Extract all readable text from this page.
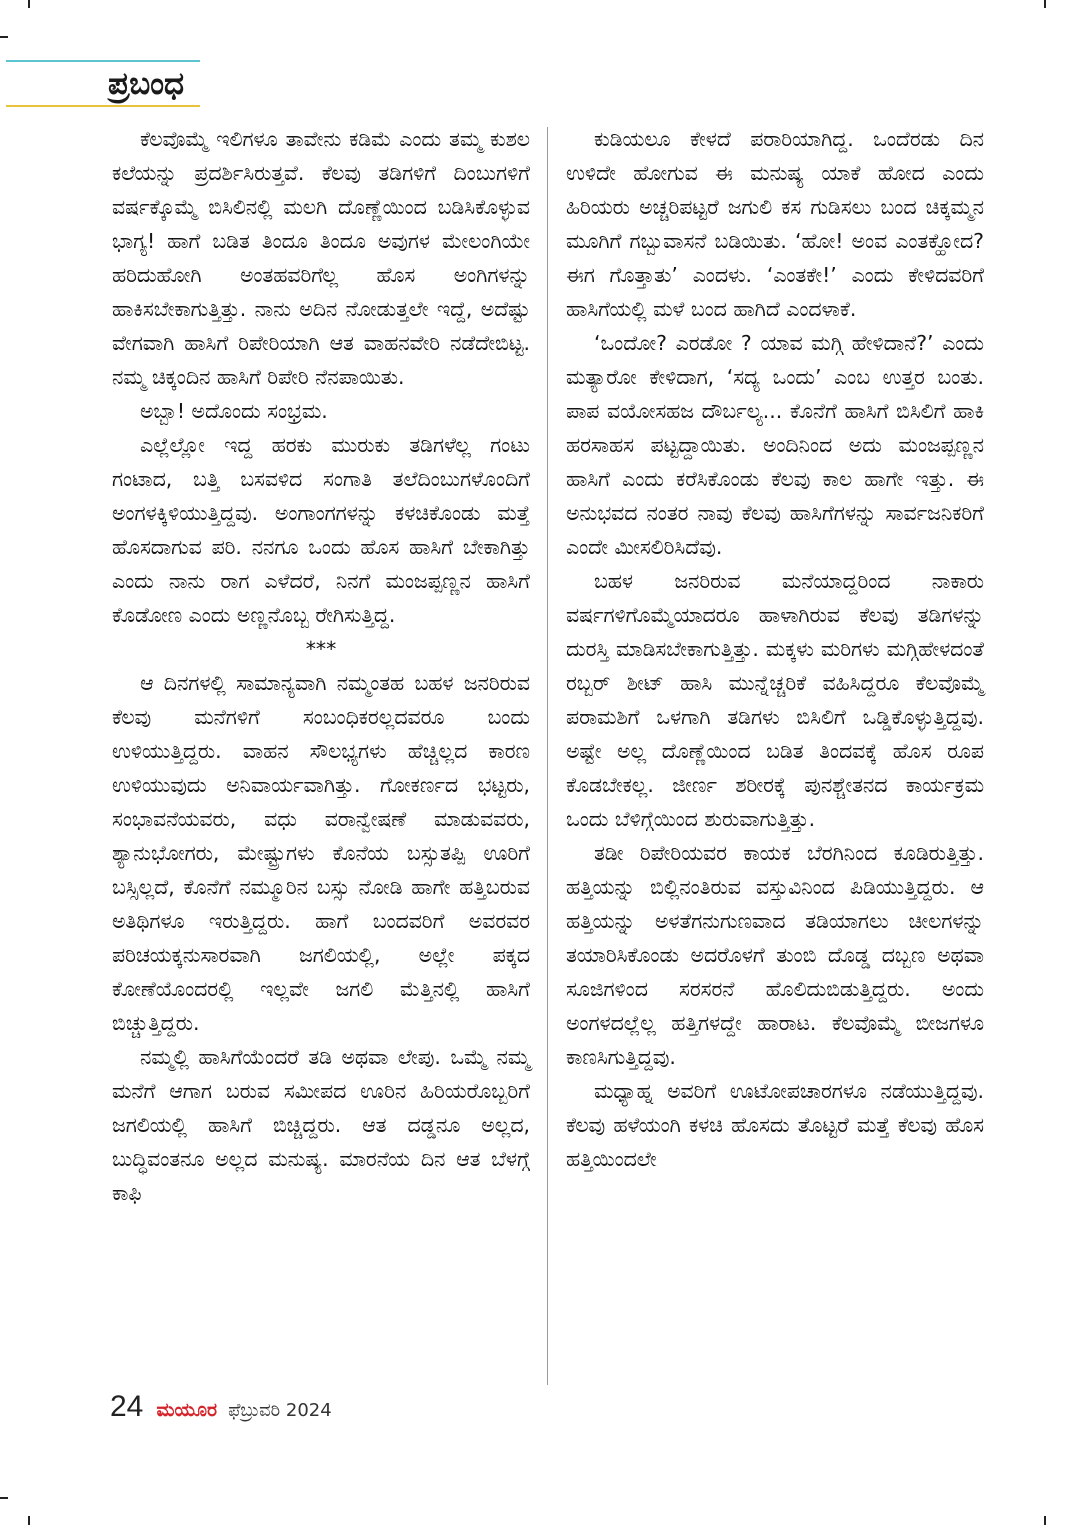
ಪ್ರಬಂಧ

ಕೆಲವೊಮ್ಮೆ ಇಲಿಗಳೂ ತಾವೇನು ಕಡಿಮೆ ಎಂದು ತಮ್ಮ ಕುಶಲ ಕಲೆಯನ್ನು ಪ್ರದರ್ಶಿಸಿರುತ್ತವೆ. ಕೆಲವು ತಡಿಗಳಿಗೆ ದಿಂಬುಗಳಿಗೆ ವರ್ಷಕ್ಕೊಮ್ಮೆ ಬಿಸಿಲಿನಲ್ಲಿ ಮಲಗಿ ದೊಣ್ಣೆಯಿಂದ ಬಡಿಸಿಕೊಳ್ಳುವ ಭಾಗ್ಯ! ಹಾಗೆ ಬಡಿತ ತಿಂದೂ ತಿಂದೂ ಅವುಗಳ ಮೇಲಂಗಿಯೇ ಹರಿದುಹೋಗಿ ಅಂತಹವರಿಗೆಲ್ಲ ಹೊಸ ಅಂಗಿಗಳನ್ನು ಹಾಕಿಸಬೇಕಾಗುತ್ತಿತ್ತು. ನಾನು ಅದಿನ ನೋಡುತ್ತಲೇ ಇದ್ದೆ, ಅದೆಷ್ಟು ವೇಗವಾಗಿ ಹಾಸಿಗೆ ರಿಪೇರಿಯಾಗಿ ಆತ ವಾಹನವೇರಿ ನಡೆದೇಬಿಟ್ಟ. ನಮ್ಮ ಚಿಕ್ಕಂದಿನ ಹಾಸಿಗೆ ರಿಪೇರಿ ನೆನಪಾಯಿತು.

ಅಬ್ಬಾ! ಅದೊಂದು ಸಂಭ್ರಮ.

ಎಲ್ಲೆಲ್ಲೋ ಇದ್ದ ಹರಕು ಮುರುಕು ತಡಿಗಳೆಲ್ಲ ಗಂಟು ಗಂಟಾದ, ಬತ್ತಿ ಬಸವಳಿದ ಸಂಗಾತಿ ತಲೆದಿಂಬುಗಳೊಂದಿಗೆ ಅಂಗಳಕ್ಕಿಳಿಯುತ್ತಿದ್ದವು. ಅಂಗಾಂಗಗಳನ್ನು ಕಳಚಿಕೊಂಡು ಮತ್ತೆ ಹೊಸದಾಗುವ ಪರಿ. ನನಗೂ ಒಂದು ಹೊಸ ಹಾಸಿಗೆ ಬೇಕಾಗಿತ್ತು ಎಂದು ನಾನು ರಾಗ ಎಳೆದರೆ, ನಿನಗೆ ಮಂಜಪ್ಪಣ್ಣನ ಹಾಸಿಗೆ ಕೊಡೋಣ ಎಂದು ಅಣ್ಣನೊಬ್ಬ ರೇಗಿಸುತ್ತಿದ್ದ.

***

ಆ ದಿನಗಳಲ್ಲಿ ಸಾಮಾನ್ಯವಾಗಿ ನಮ್ಮಂತಹ ಬಹಳ ಜನರಿರುವ ಕೆಲವು ಮನೆಗಳಿಗೆ ಸಂಬಂಧಿಕರಲ್ಲದವರೂ ಬಂದು ಉಳಿಯುತ್ತಿದ್ದರು. ವಾಹನ ಸೌಲಭ್ಯಗಳು ಹೆಚ್ಚಿಲ್ಲದ ಕಾರಣ ಉಳಿಯುವುದು ಅನಿವಾರ್ಯವಾಗಿತ್ತು. ಗೋಕರ್ಣದ ಭಟ್ಟರು, ಸಂಭಾವನೆಯವರು, ವಧು ವರಾನ್ವೇಷಣೆ ಮಾಡುವವರು, ಶ್ಯಾನುಭೋಗರು, ಮೇಷ್ಟ್ರುಗಳು ಕೊನೆಯ ಬಸ್ಸುತಪ್ಪಿ ಊರಿಗೆ ಬಸ್ಸಿಲ್ಲದೆ, ಕೊನೆಗೆ ನಮ್ಮೂರಿನ ಬಸ್ಸು ನೋಡಿ ಹಾಗೇ ಹತ್ತಿಬರುವ ಅತಿಥಿಗಳೂ ಇರುತ್ತಿದ್ದರು. ಹಾಗೆ ಬಂದವರಿಗೆ ಅವರವರ ಪರಿಚಯಕ್ಕನುಸಾರವಾಗಿ ಜಗಲಿಯಲ್ಲಿ, ಅಲ್ಲೇ ಪಕ್ಕದ ಕೋಣೆಯೊಂದರಲ್ಲಿ ಇಲ್ಲವೇ ಜಗಲಿ ಮೆತ್ತಿನಲ್ಲಿ ಹಾಸಿಗೆ ಬಿಚ್ಚುತ್ತಿದ್ದರು.

ನಮ್ಮಲ್ಲಿ ಹಾಸಿಗೆಯೆಂದರೆ ತಡಿ ಅಥವಾ ಲೇಪು. ಒಮ್ಮೆ ನಮ್ಮ ಮನೆಗೆ ಆಗಾಗ ಬರುವ ಸಮೀಪದ ಊರಿನ ಹಿರಿಯರೊಬ್ಬರಿಗೆ ಜಗಲಿಯಲ್ಲಿ ಹಾಸಿಗೆ ಬಿಚ್ಚಿದ್ದರು. ಆತ ದಡ್ಡನೂ ಅಲ್ಲದ, ಬುದ್ಧಿವಂತನೂ ಅಲ್ಲದ ಮನುಷ್ಯ. ಮಾರನೆಯ ದಿನ ಆತ ಬೆಳಗ್ಗೆ ಕಾಫಿ

ಕುಡಿಯಲೂ ಕೇಳದೆ ಪರಾರಿಯಾಗಿದ್ದ. ಒಂದೆರಡು ದಿನ ಉಳಿದೇ ಹೋಗುವ ಈ ಮನುಷ್ಯ ಯಾಕೆ ಹೋದ ಎಂದು ಹಿರಿಯರು ಅಚ್ಚರಿಪಟ್ಟರೆ ಜಗುಲಿ ಕಸ ಗುಡಿಸಲು ಬಂದ ಚಿಕ್ಕಮ್ಮನ ಮೂಗಿಗೆ ಗಬ್ಬುವಾಸನೆ ಬಡಿಯಿತು. ‘ಹೋ! ಅಂವ ಎಂತಕ್ಹೋದ? ಈಗ ಗೊತ್ತಾತು’ ಎಂದಳು. ‘ಎಂತಕೇ!’ ಎಂದು ಕೇಳಿದವರಿಗೆ ಹಾಸಿಗೆಯಲ್ಲಿ ಮಳೆ ಬಂದ ಹಾಗಿದೆ ಎಂದಳಾಕೆ.

‘ಒಂದೋ? ಎರಡೋ ? ಯಾವ ಮಗ್ಗಿ ಹೇಳಿದಾನೆ?’ ಎಂದು ಮತ್ಯಾರೋ ಕೇಳಿದಾಗ, ‘ಸದ್ಯ ಒಂದು’ ಎಂಬ ಉತ್ತರ ಬಂತು. ಪಾಪ ವಯೋಸಹಜ ದೌರ್ಬಲ್ಯ... ಕೊನೆಗೆ ಹಾಸಿಗೆ ಬಿಸಿಲಿಗೆ ಹಾಕಿ ಹರಸಾಹಸ ಪಟ್ಟದ್ದಾಯಿತು. ಅಂದಿನಿಂದ ಅದು ಮಂಜಪ್ಪಣ್ಣನ ಹಾಸಿಗೆ ಎಂದು ಕರೆಸಿಕೊಂಡು ಕೆಲವು ಕಾಲ ಹಾಗೇ ಇತ್ತು. ಈ ಅನುಭವದ ನಂತರ ನಾವು ಕೆಲವು ಹಾಸಿಗೆಗಳನ್ನು ಸಾರ್ವಜನಿಕರಿಗೆ ಎಂದೇ ಮೀಸಲಿರಿಸಿದೆವು.

ಬಹಳ ಜನರಿರುವ ಮನೆಯಾದ್ದರಿಂದ ನಾಕಾರು ವರ್ಷಗಳಿಗೊಮ್ಮೆಯಾದರೂ ಹಾಳಾಗಿರುವ ಕೆಲವು ತಡಿಗಳನ್ನು ದುರಸ್ತಿ ಮಾಡಿಸಬೇಕಾಗುತ್ತಿತ್ತು. ಮಕ್ಕಳು ಮರಿಗಳು ಮಗ್ಗಿಹೇಳದಂತೆ ರಬ್ಬರ್ ಶೀಟ್ ಹಾಸಿ ಮುನ್ನೆಚ್ಚರಿಕೆ ವಹಿಸಿದ್ದರೂ ಕೆಲವೊಮ್ಮೆ ಪರಾಮಶಿಗೆ ಒಳಗಾಗಿ ತಡಿಗಳು ಬಿಸಿಲಿಗೆ ಒಡ್ಡಿಕೊಳ್ಳುತ್ತಿದ್ದವು. ಅಷ್ಟೇ ಅಲ್ಲ ದೊಣ್ಣೆಯಿಂದ ಬಡಿತ ತಿಂದವಕ್ಕೆ ಹೊಸ ರೂಪ ಕೊಡಬೇಕಲ್ಲ. ಜೀರ್ಣ ಶರೀರಕ್ಕೆ ಪುನಶ್ಚೇತನದ ಕಾರ್ಯಕ್ರಮ ಒಂದು ಬೆಳಿಗ್ಗೆಯಿಂದ ಶುರುವಾಗುತ್ತಿತ್ತು.

ತಡೀ ರಿಪೇರಿಯವರ ಕಾಯಕ ಬೆರಗಿನಿಂದ ಕೂಡಿರುತ್ತಿತ್ತು. ಹತ್ತಿಯನ್ನು ಬಿಲ್ಲಿನಂತಿರುವ ವಸ್ತುವಿನಿಂದ ಪಿಡಿಯುತ್ತಿದ್ದರು. ಆ ಹತ್ತಿಯನ್ನು ಅಳತೆಗನುಗುಣವಾದ ತಡಿಯಾಗಲು ಚೀಲಗಳನ್ನು ತಯಾರಿಸಿಕೊಂಡು ಅದರೊಳಗೆ ತುಂಬಿ ದೊಡ್ಡ ದಬ್ಬಣ ಅಥವಾ ಸೂಜಿಗಳಿಂದ ಸರಸರನೆ ಹೊಲಿದುಬಿಡುತ್ತಿದ್ದರು. ಅಂದು ಅಂಗಳದಲ್ಲೆಲ್ಲ ಹತ್ತಿಗಳದ್ದೇ ಹಾರಾಟ. ಕೆಲವೊಮ್ಮೆ ಬೀಜಗಳೂ ಕಾಣಸಿಗುತ್ತಿದ್ದವು.

ಮಧ್ಯಾಹ್ನ ಅವರಿಗೆ ಊಟೋಪಚಾರಗಳೂ ನಡೆಯುತ್ತಿದ್ದವು. ಕೆಲವು ಹಳೆಯಂಗಿ ಕಳಚಿ ಹೊಸದು ತೊಟ್ಟರೆ ಮತ್ತೆ ಕೆಲವು ಹೊಸ ಹತ್ತಿಯಿಂದಲೇ

24 ಮಯೂರ ಫೆಬ್ರುವರಿ 2024
